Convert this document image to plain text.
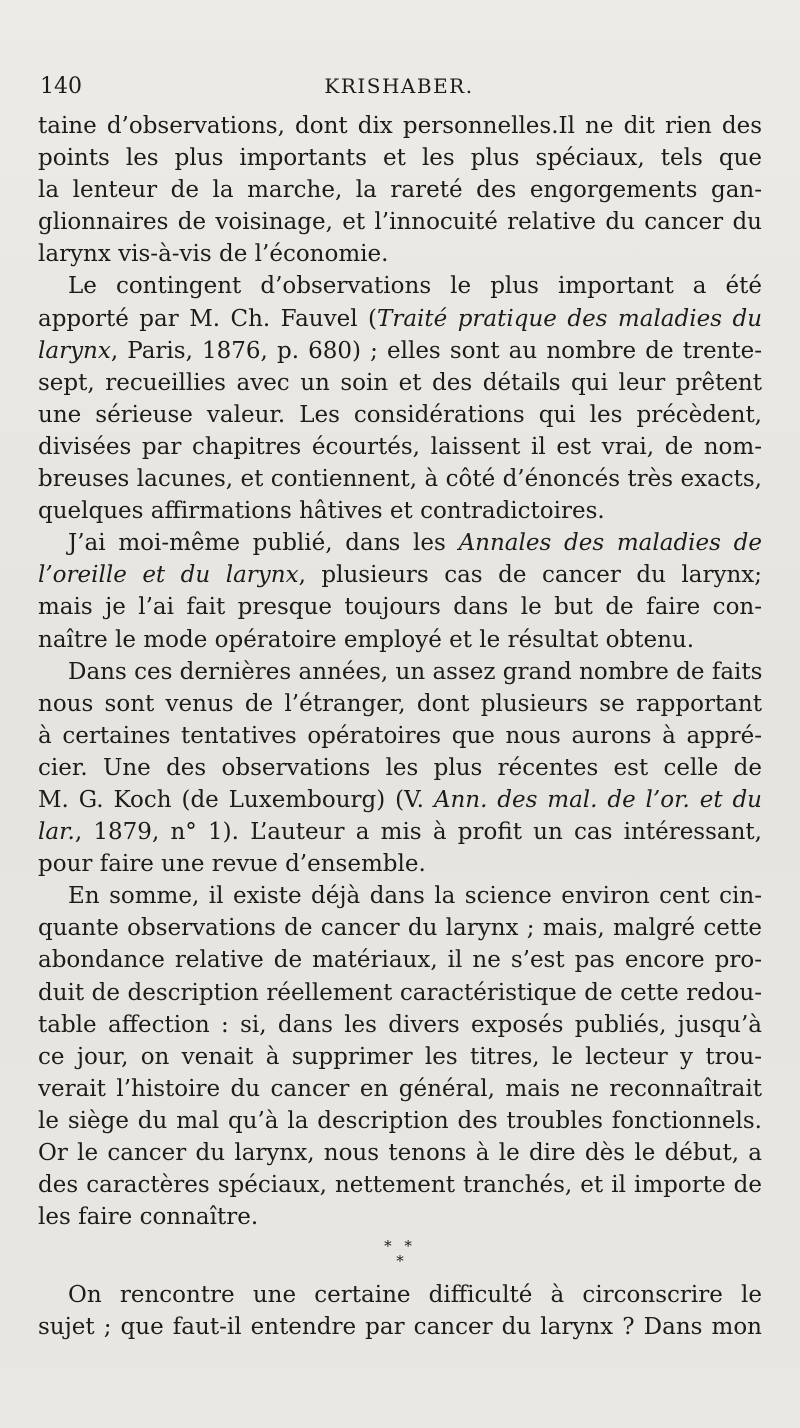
140	KRISHABER.
taine d’observations, dont dix personnelles.Il ne dit rien des
points les plus importants et les plus spéciaux, tels que
la lenteur de la marche, la rareté des engorgements gan-
glionnaires de voisinage, et l’innocuité relative du cancer du
larynx vis-à-vis de l’économie.
Le contingent d’observations le plus important a été
apporté par M. Ch. Fauvel (Traité pratique des maladies du
larynx, Paris, 1876, p. 680) ; elles sont au nombre de trente-
sept, recueillies avec un soin et des détails qui leur prêtent
une sérieuse valeur. Les considérations qui les précèdent,
divisées par chapitres écourtés, laissent il est vrai, de nom-
breuses lacunes, et contiennent, à côté d’énoncés très exacts,
quelques affirmations hâtives et contradictoires.
J’ai moi-même publié, dans les Annales des maladies de
l’oreille et du larynx, plusieurs cas de cancer du larynx;
mais je l’ai fait presque toujours dans le but de faire con-
naître le mode opératoire employé et le résultat obtenu.
Dans ces dernières années, un assez grand nombre de faits
nous sont venus de l’étranger, dont plusieurs se rapportant
à certaines tentatives opératoires que nous aurons à appré-
cier. Une des observations les plus récentes est celle de
M. G. Koch (de Luxembourg) (V. Ann. des mal. de l’or. et du
lar., 1879, n° 1). L’auteur a mis à profit un cas intéressant,
pour faire une revue d’ensemble.
En somme, il existe déjà dans la science environ cent cin-
quante observations de cancer du larynx ; mais, malgré cette
abondance relative de matériaux, il ne s’est pas encore pro-
duit de description réellement caractéristique de cette redou-
table affection : si, dans les divers exposés publiés, jusqu’à
ce jour, on venait à supprimer les titres, le lecteur y trou-
verait l’histoire du cancer en général, mais ne reconnaîtrait
le siège du mal qu’à la description des troubles fonctionnels.
Or le cancer du larynx, nous tenons à le dire dès le début, a
des caractères spéciaux, nettement tranchés, et il importe de
les faire connaître.
* *
*
On rencontre une certaine difficulté à circonscrire le
sujet ; que faut-il entendre par cancer du larynx ? Dans mon
